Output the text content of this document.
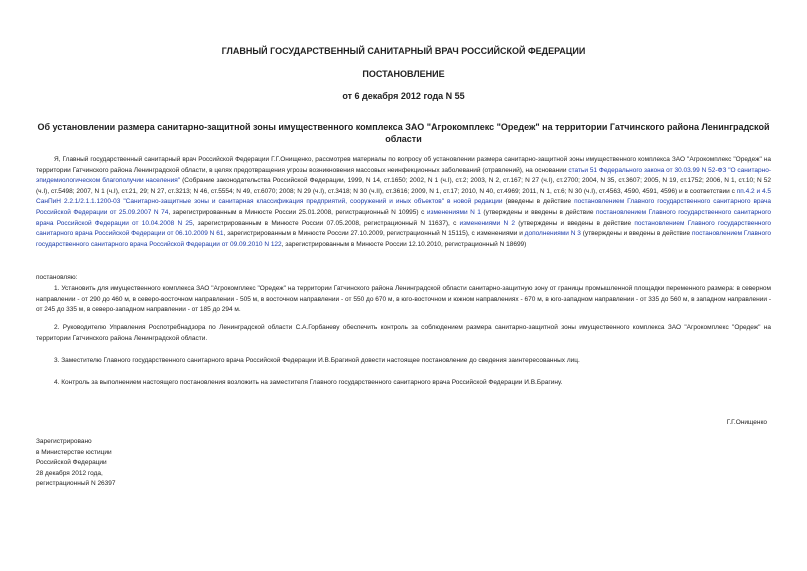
ГЛАВНЫЙ ГОСУДАРСТВЕННЫЙ САНИТАРНЫЙ ВРАЧ РОССИЙСКОЙ ФЕДЕРАЦИИ
ПОСТАНОВЛЕНИЕ
от 6 декабря 2012 года N 55
Об установлении размера санитарно-защитной зоны имущественного комплекса ЗАО "Агрокомплекс "Оредеж" на территории Гатчинского района Ленинградской области
Я, Главный государственный санитарный врач Российской Федерации Г.Г.Онищенко, рассмотрев материалы по вопросу об установлении размера санитарно-защитной зоны имущественного комплекса ЗАО "Агрокомплекс "Оредеж" на территории Гатчинского района Ленинградской области, в целях предотвращения угрозы возникновения массовых неинфекционных заболеваний (отравлений), на основании статьи 51 Федерального закона от 30.03.99 N 52-ФЗ "О санитарно-эпидемиологическом благополучии населения" (Собрание законодательства Российской Федерации, 1999, N 14, ст.1650; 2002, N 1 (ч.I), ст.2; 2003, N 2, ст.167; N 27 (ч.I), ст.2700; 2004, N 35, ст.3607; 2005, N 19, ст.1752; 2006, N 1, ст.10; N 52 (ч.I), ст.5498; 2007, N 1 (ч.I), ст.21, 29; N 27, ст.3213; N 46, ст.5554; N 49, ст.6070; 2008; N 29 (ч.I), ст.3418; N 30 (ч.II), ст.3616; 2009, N 1, ст.17; 2010, N 40, ст.4969; 2011, N 1, ст.6; N 30 (ч.I), ст.4563, 4590, 4591, 4596) и в соответствии с пп.4.2 и 4.5 СанПиН 2.2.1/2.1.1.1200-03 "Санитарно-защитные зоны и санитарная классификация предприятий, сооружений и иных объектов" в новой редакции (введены в действие постановлением Главного государственного санитарного врача Российской Федерации от 25.09.2007 N 74, зарегистрированным в Минюсте России 25.01.2008, регистрационный N 10995) с изменениями N 1 (утверждены и введены в действие постановлением Главного государственного санитарного врача Российской Федерации от 10.04.2008 N 25, зарегистрированным в Минюсте России 07.05.2008, регистрационный N 11637), с изменениями N 2 (утверждены и введены в действие постановлением Главного государственного санитарного врача Российской Федерации от 06.10.2009 N 61, зарегистрированным в Минюсте России 27.10.2009, регистрационный N 15115), с изменениями и дополнениями N 3 (утверждены и введены в действие постановлением Главного государственного санитарного врача Российской Федерации от 09.09.2010 N 122, зарегистрированным в Минюсте России 12.10.2010, регистрационный N 18699)
постановляю:
1. Установить для имущественного комплекса ЗАО "Агрокомплекс "Оредеж" на территории Гатчинского района Ленинградской области санитарно-защитную зону от границы промышленной площадки переменного размера: в северном направлении - от 290 до 460 м, в северо-восточном направлении - 505 м, в восточном направлении - от 550 до 670 м, в юго-восточном и южном направлениях - 670 м, в юго-западном направлении - от 335 до 560 м, в западном направлении - от 245 до 335 м, в северо-западном направлении - от 185 до 294 м.
2. Руководителю Управления Роспотребнадзора по Ленинградской области С.А.Горбаневу обеспечить контроль за соблюдением размера санитарно-защитной зоны имущественного комплекса ЗАО "Агрокомплекс "Оредеж" на территории Гатчинского района Ленинградской области.
3. Заместителю Главного государственного санитарного врача Российской Федерации И.В.Брагиной довести настоящее постановление до сведения заинтересованных лиц.
4. Контроль за выполнением настоящего постановления возложить на заместителя Главного государственного санитарного врача Российской Федерации И.В.Брагину.
Г.Г.Онищенко
Зарегистрировано
в Министерстве юстиции
Российской Федерации
28 декабря 2012 года,
регистрационный N 26397
